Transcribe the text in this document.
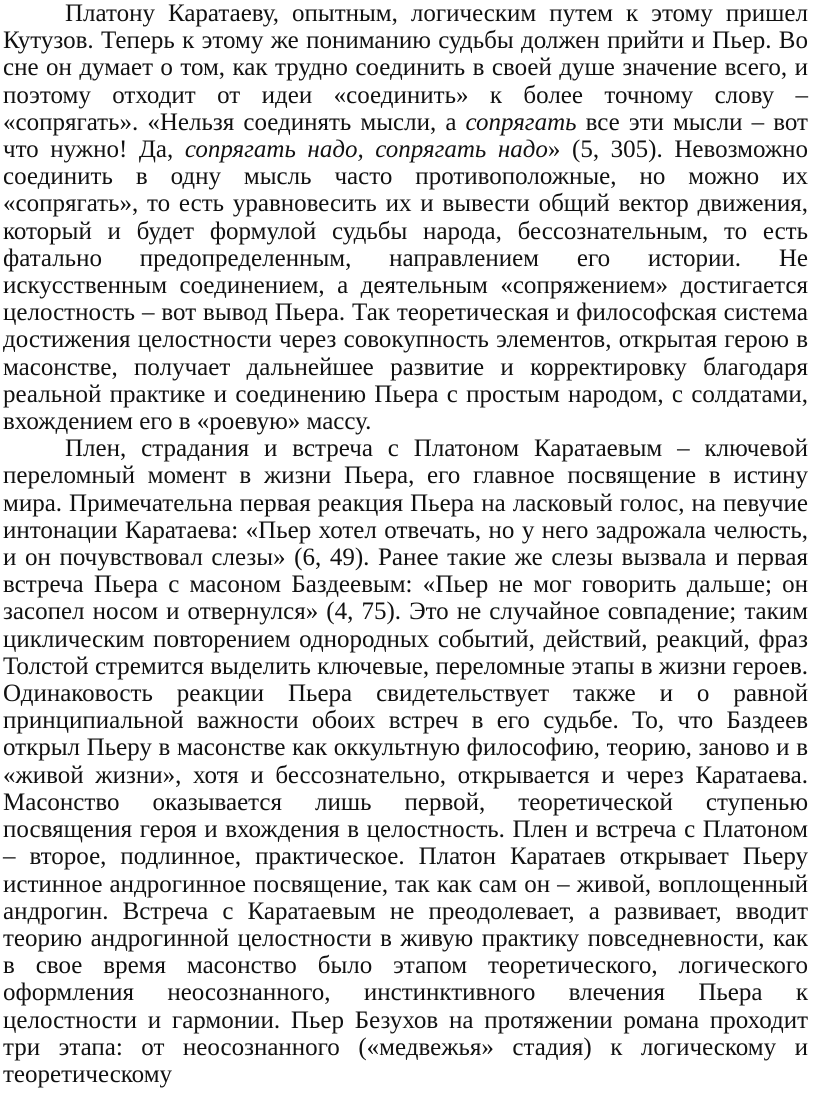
Платону Каратаеву, опытным, логическим путем к этому пришел Кутузов. Теперь к этому же пониманию судьбы должен прийти и Пьер. Во сне он думает о том, как трудно соединить в своей душе значение всего, и поэтому отходит от идеи «соединить» к более точному слову – «сопрягать». «Нельзя соединять мысли, а сопрягать все эти мысли – вот что нужно! Да, сопрягать надо, сопрягать надо» (5, 305). Невозможно соединить в одну мысль часто противоположные, но можно их «сопрягать», то есть уравновесить их и вывести общий вектор движения, который и будет формулой судьбы народа, бессознательным, то есть фатально предопределенным, направлением его истории. Не искусственным соединением, а деятельным «сопряжением» достигается целостность – вот вывод Пьера. Так теоретическая и философская система достижения целостности через совокупность элементов, открытая герою в масонстве, получает дальнейшее развитие и корректировку благодаря реальной практике и соединению Пьера с простым народом, с солдатами, вхождением его в «роевую» массу.

Плен, страдания и встреча с Платоном Каратаевым – ключевой переломный момент в жизни Пьера, его главное посвящение в истину мира. Примечательна первая реакция Пьера на ласковый голос, на певучие интонации Каратаева: «Пьер хотел отвечать, но у него задрожала челюсть, и он почувствовал слезы» (6, 49). Ранее такие же слезы вызвала и первая встреча Пьера с масоном Баздеевым: «Пьер не мог говорить дальше; он засопел носом и отвернулся» (4, 75). Это не случайное совпадение; таким циклическим повторением однородных событий, действий, реакций, фраз Толстой стремится выделить ключевые, переломные этапы в жизни героев. Одинаковость реакции Пьера свидетельствует также и о равной принципиальной важности обоих встреч в его судьбе. То, что Баздеев открыл Пьеру в масонстве как оккультную философию, теорию, заново и в «живой жизни», хотя и бессознательно, открывается и через Каратаева. Масонство оказывается лишь первой, теоретической ступенью посвящения героя и вхождения в целостность. Плен и встреча с Платоном – второе, подлинное, практическое. Платон Каратаев открывает Пьеру истинное андрогинное посвящение, так как сам он – живой, воплощенный андрогин. Встреча с Каратаевым не преодолевает, а развивает, вводит теорию андрогинной целостности в живую практику повседневности, как в свое время масонство было этапом теоретического, логического оформления неосознанного, инстинктивного влечения Пьера к целостности и гармонии. Пьер Безухов на протяжении романа проходит три этапа: от неосознанного («медвежья» стадия) к логическому и теоретическому
